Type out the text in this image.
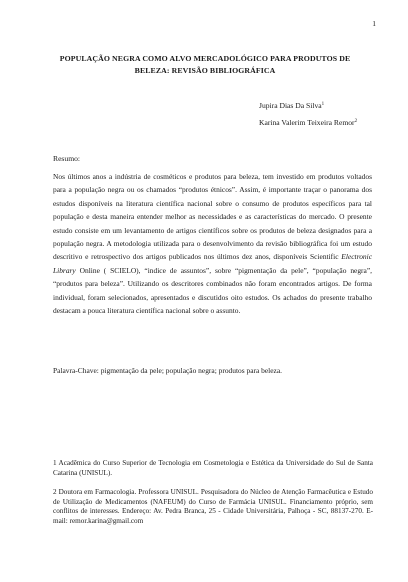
1
POPULAÇÃO NEGRA COMO ALVO MERCADOLÓGICO PARA PRODUTOS DE BELEZA: REVISÃO BIBLIOGRÁFICA
Jupira Dias Da Silva$^1$
Karina Valerim Teixeira Remor$^2$
Resumo:

Nos últimos anos a indústria de cosméticos e produtos para beleza, tem investido em produtos voltados para a população negra ou os chamados “produtos étnicos”. Assim, é importante traçar o panorama dos estudos disponíveis na literatura científica nacional sobre o consumo de produtos específicos para tal população e desta maneira entender melhor as necessidades e as características do mercado. O presente estudo consiste em um levantamento de artigos científicos sobre os produtos de beleza designados para a população negra. A metodologia utilizada para o desenvolvimento da revisão bibliográfica foi um estudo descritivo e retrospectivo dos artigos publicados nos últimos dez anos, disponíveis Scientific Electronic Library Online ( SCIELO), “indice de assuntos”, sobre “pigmentação da pele”, “população negra”, “produtos para beleza”. Utilizando os descritores combinados não foram encontrados artigos. De forma individual, foram selecionados, apresentados e discutidos oito estudos. Os achados do presente trabalho destacam a pouca literatura científica nacional sobre o assunto.

Palavra-Chave: pigmentação da pele; população negra; produtos para beleza.

1 Acadêmica do Curso Superior de Tecnologia em Cosmetologia e Estética da Universidade do Sul de Santa Catarina (UNISUL).

2 Doutora em Farmacologia. Professora UNISUL. Pesquisadora do Núcleo de Atenção Farmacêutica e Estudo de Utilização de Medicamentos (NAFEUM) do Curso de Farmácia UNISUL. Financiamento próprio, sem conflitos de interesses. Endereço: Av. Pedra Branca, 25 - Cidade Universitária, Palhoça - SC, 88137-270. E-mail: remor.karina@gmail.com
